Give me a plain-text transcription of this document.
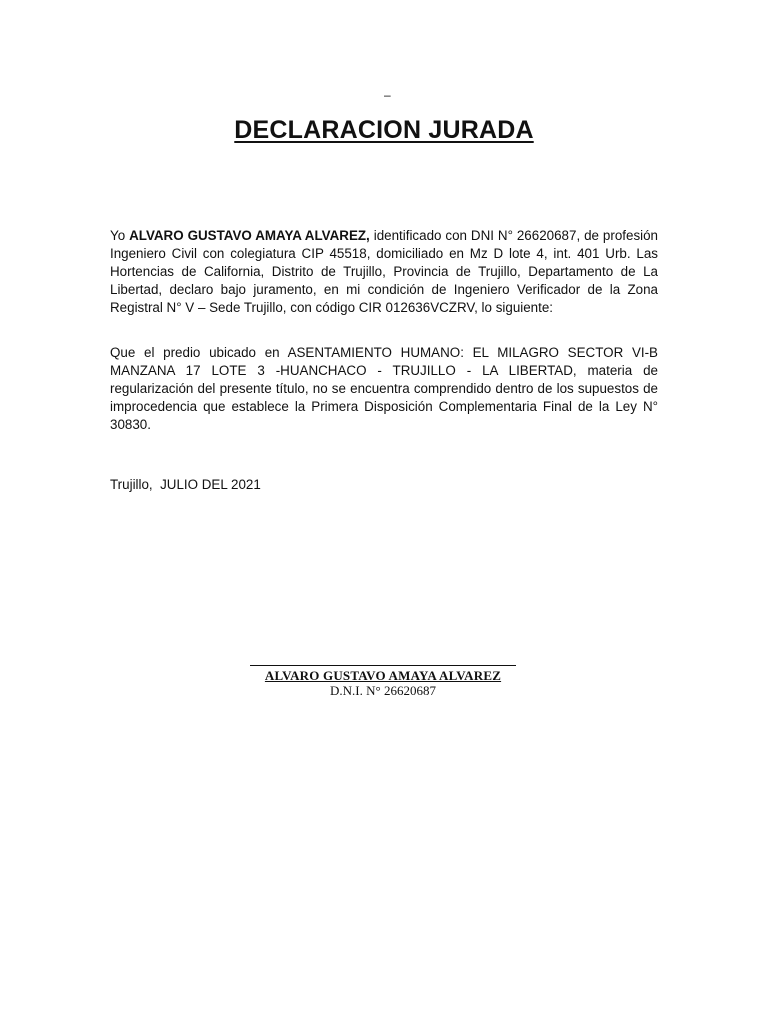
–
DECLARACION JURADA

Yo ALVARO GUSTAVO AMAYA ALVAREZ, identificado con DNI N° 26620687, de profesión Ingeniero Civil con colegiatura CIP 45518, domiciliado en Mz D lote 4, int. 401 Urb. Las Hortencias de California, Distrito de Trujillo, Provincia de Trujillo, Departamento de La Libertad, declaro bajo juramento, en mi condición de Ingeniero Verificador de la Zona Registral N° V – Sede Trujillo, con código CIR 012636VCZRV, lo siguiente:

Que el predio ubicado en ASENTAMIENTO HUMANO: EL MILAGRO SECTOR VI-B MANZANA 17 LOTE 3 -HUANCHACO - TRUJILLO - LA LIBERTAD, materia de regularización del presente título, no se encuentra comprendido dentro de los supuestos de improcedencia que establece la Primera Disposición Complementaria Final de la Ley N° 30830.

Trujillo,  JULIO DEL 2021
ALVARO GUSTAVO AMAYA ALVAREZ
D.N.I. N° 26620687
